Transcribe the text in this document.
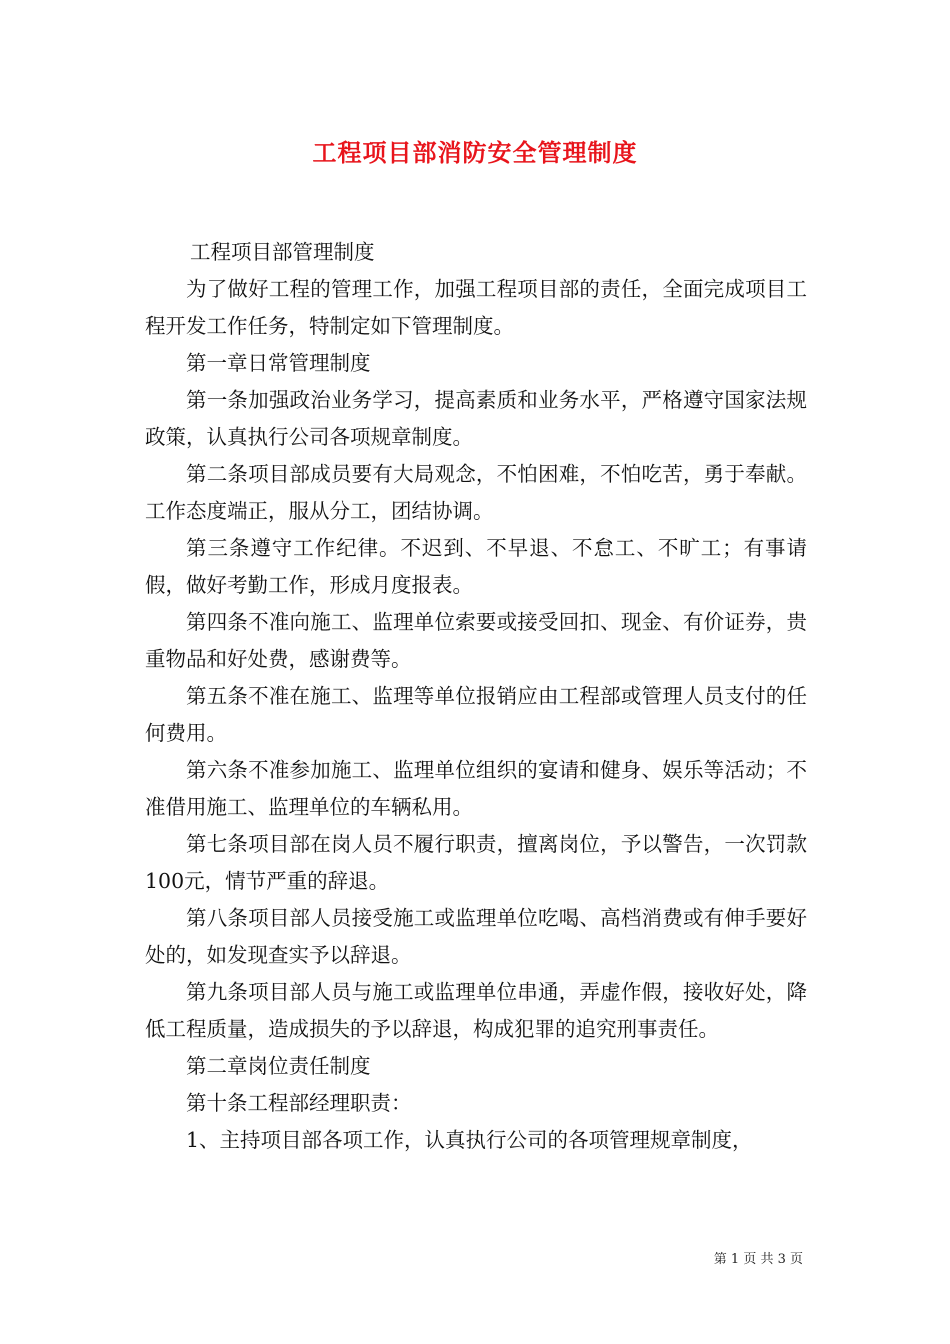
工程项目部消防安全管理制度

工程项目部管理制度

为了做好工程的管理工作，加强工程项目部的责任，全面完成项目工程开发工作任务，特制定如下管理制度。

第一章日常管理制度

第一条加强政治业务学习，提高素质和业务水平，严格遵守国家法规政策，认真执行公司各项规章制度。

第二条项目部成员要有大局观念，不怕困难，不怕吃苦，勇于奉献。工作态度端正，服从分工，团结协调。

第三条遵守工作纪律。不迟到、不早退、不怠工、不旷工；有事请假，做好考勤工作，形成月度报表。

第四条不准向施工、监理单位索要或接受回扣、现金、有价证券，贵重物品和好处费，感谢费等。

第五条不准在施工、监理等单位报销应由工程部或管理人员支付的任何费用。

第六条不准参加施工、监理单位组织的宴请和健身、娱乐等活动；不准借用施工、监理单位的车辆私用。

第七条项目部在岗人员不履行职责，擅离岗位，予以警告，一次罚款100元，情节严重的辞退。

第八条项目部人员接受施工或监理单位吃喝、高档消费或有伸手要好处的，如发现查实予以辞退。

第九条项目部人员与施工或监理单位串通，弄虚作假，接收好处，降低工程质量，造成损失的予以辞退，构成犯罪的追究刑事责任。

第二章岗位责任制度

第十条工程部经理职责：

1、主持项目部各项工作，认真执行公司的各项管理规章制度，

第 1 页 共 3 页
